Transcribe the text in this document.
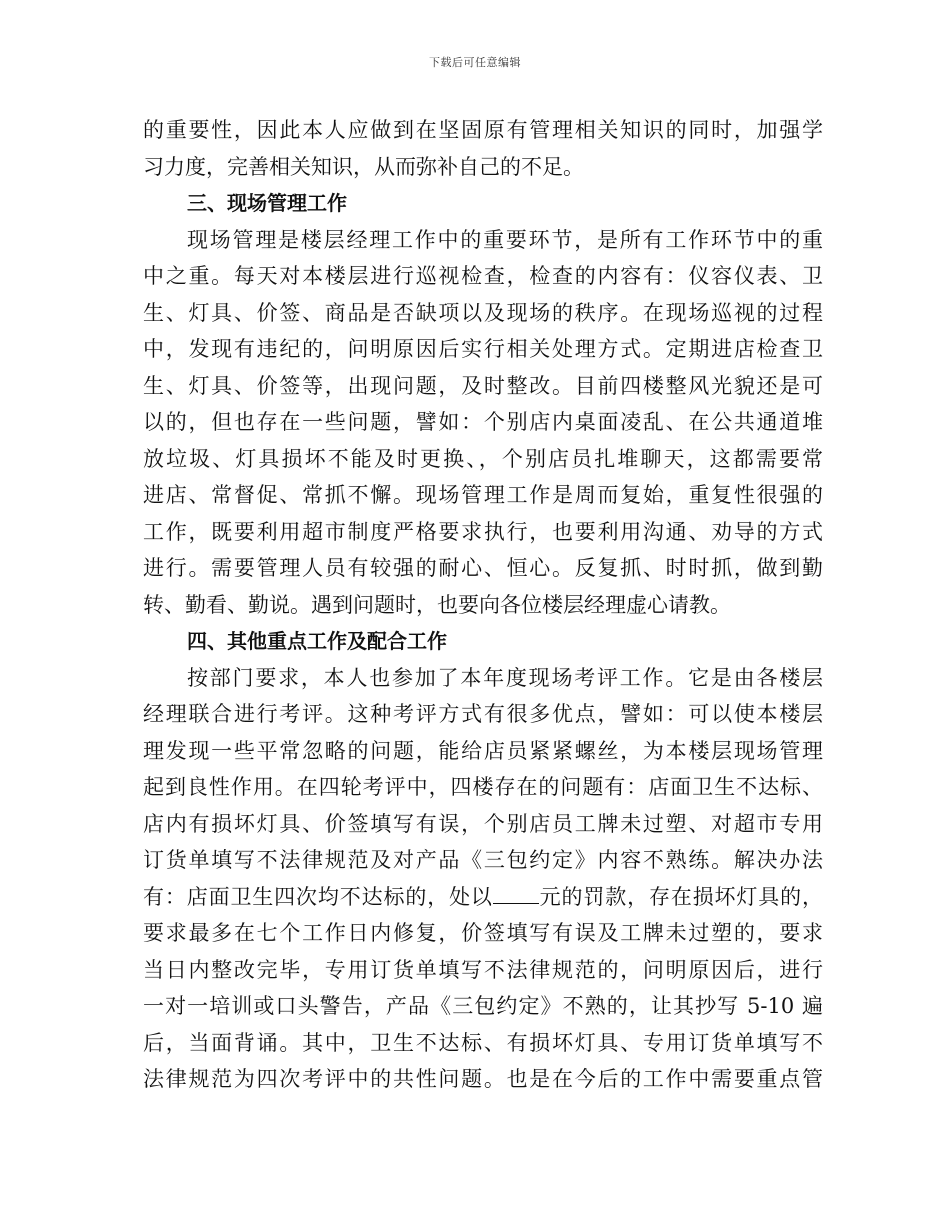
下载后可任意编辑
的重要性，因此本人应做到在坚固原有管理相关知识的同时，加强学
习力度，完善相关知识，从而弥补自己的不足。
三、现场管理工作
现场管理是楼层经理工作中的重要环节，是所有工作环节中的重
中之重。每天对本楼层进行巡视检查，检查的内容有：仪容仪表、卫
生、灯具、价签、商品是否缺项以及现场的秩序。在现场巡视的过程
中，发现有违纪的，问明原因后实行相关处理方式。定期进店检查卫
生、灯具、价签等，出现问题，及时整改。目前四楼整风光貌还是可
以的，但也存在一些问题，譬如：个别店内桌面凌乱、在公共通道堆
放垃圾、灯具损坏不能及时更换、，个别店员扎堆聊天，这都需要常
进店、常督促、常抓不懈。现场管理工作是周而复始，重复性很强的
工作，既要利用超市制度严格要求执行，也要利用沟通、劝导的方式
进行。需要管理人员有较强的耐心、恒心。反复抓、时时抓，做到勤
转、勤看、勤说。遇到问题时，也要向各位楼层经理虚心请教。
四、其他重点工作及配合工作
按部门要求，本人也参加了本年度现场考评工作。它是由各楼层
经理联合进行考评。这种考评方式有很多优点，譬如：可以使本楼层
理发现一些平常忽略的问题，能给店员紧紧螺丝，为本楼层现场管理
起到良性作用。在四轮考评中，四楼存在的问题有：店面卫生不达标、
店内有损坏灯具、价签填写有误，个别店员工牌未过塑、对超市专用
订货单填写不法律规范及对产品《三包约定》内容不熟练。解决办法
有：店面卫生四次均不达标的，处以 元的罚款，存在损坏灯具的，
要求最多在七个工作日内修复，价签填写有误及工牌未过塑的，要求
当日内整改完毕，专用订货单填写不法律规范的，问明原因后，进行
一对一培训或口头警告，产品《三包约定》不熟的，让其抄写 5-10 遍
后，当面背诵。其中，卫生不达标、有损坏灯具、专用订货单填写不
法律规范为四次考评中的共性问题。也是在今后的工作中需要重点管
